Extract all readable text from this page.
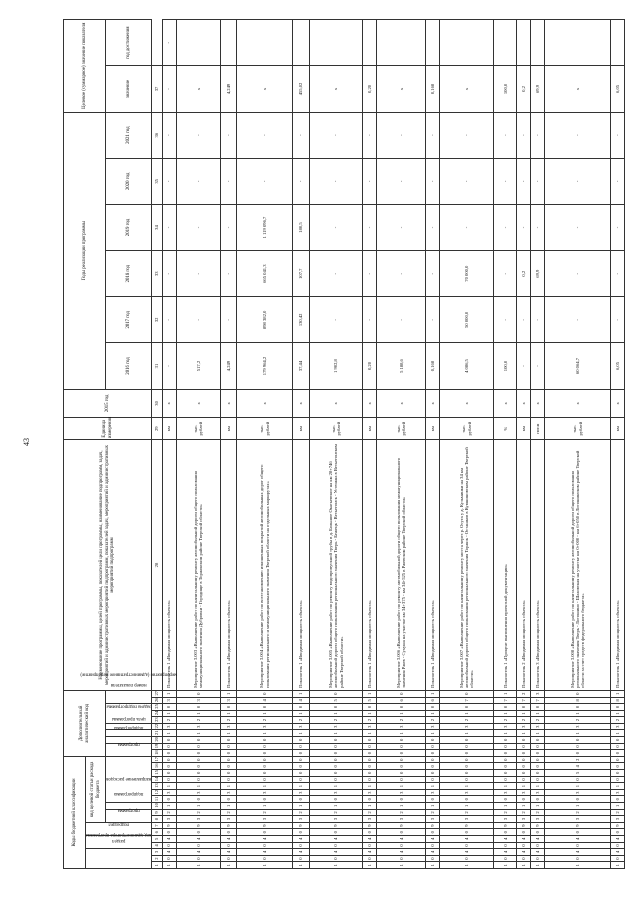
43
Коды бюджетной классификации																	Дополнительный аналитический код										Наименование программы, целей программы, показателей цели программы, наименование подпрограмм, задач, мероприятий и административных мероприятий подпрограмм, показателей задач, мероприятий и административных мероприятий подпрограмм	Единица измерения	2015 год	Годы реализации программы						Целевое (суммарное) значение показателя	
код администратора программы			раздел		подраздел		код целевой статьи расхода бюджета																														
							программа		подпрограмма	направление расходов							программа		подпрограмма	цель программы	задача подпрограммы	мероприятие (административное мероприятие)			номер показателя					2016 год	2017 год	2018 год	2019 год	2020 год	2021 год	значение	год достижения
1	2	3	4	5	6	7	8	9	10	11	12	13	14	15	16	17	18	19	20	21	22	23	24	25	26	27	28	29	30	31	32	33	34	35	36	37	
1	0	4	0	4	0	9	3	2	1	0	3	1	0	0	0	0	0	0	0	1	3	2	1	0	3	1	Показатель 1 «Вводимая мощность объекта»	км	х	-	-	-	-	-	-	-	-
1	0	4	0	4	0	9	3	2	1	0	3	1	0	0	0	0	0	0	0	1	3	2	1	0	3	0	Мероприятие 3.003 «Выполнение работ по капитальному ремонту автомобильной дороги общего пользования межмуниципального значения Дубровки - Городище в Торжокском районе Тверской области»	тыс. рублей	х	517,2	-	-	-	-	-	х	
1	0	4	0	4	0	9	3	2	1	0	3	1	0	0	0	0	0	0	0	1	3	2	1	0	3	1	Показатель 1 «Вводимая мощность объекта»	км	х	4,249	-	-	-	-	-	4,249	
1	0	4	0	4	0	9	3	2	1	0	3	1	0	0	0	0	0	0	0	1	3	2	1	0	4	0	Мероприятие 3.004 «Выполнение работ по восстановлению изношенных покрытий автомобильных дорог общего пользования регионального и межмуниципального значения Тверской области на отдельных маршрутах»	тыс. рублей	х	179 964,2	898 382,0	665 041,3	1 119 096,7	-	-	х	
1	0	4	0	4	0	9	3	2	1	0	3	1	0	0	0	0	0	0	0	1	3	2	1	0	4	1	Показатель 1 «Вводимая мощность объекта»	км	х	37,44	130,42	107,7	180,5	-	-	455,02	
1	0	4	0	4	0	9	3	2	1	0	3	1	0	0	0	0	0	0	0	1	3	2	1	0	5	0	Мероприятие 3.005 «Выполнение работ по ремонту водопропускной трубы в д. Большое Окатьевское на км 28+746 автомобильной дороги общего пользования регионального значения Тверь - Бежецк - Весьегонск - Устюжна в Весьегонском районе Тверской области»	тыс. рублей	х	1 902,8	-	-	-	-	-	х	
1	0	4	0	4	0	9	3	2	1	0	3	1	0	0	0	0	0	0	0	1	3	2	1	0	5	1	Показатель 1 «Вводимая мощность объекта»	км	х	0,20	-	-	-	-	-	0,20	
1	0	4	0	4	0	9	3	2	1	0	3	1	0	0	0	0	0	0	0	1	3	2	1	0	6	0	Мероприятие 3.006 «Выполнение работ по ремонту автомобильной дороги общего пользования межмуниципального значения Ржев - Сухуша на участке км 34+375 - км 34+525 в Ржевском районе Тверской области»	тыс. рублей	х	5 188,6	-	-	-	-	-	х	
1	0	4	0	4	0	9	3	2	1	0	3	1	0	0	0	0	0	0	0	1	3	2	1	0	6	1	Показатель 1 «Вводимая мощность объекта»	км	х	0,168	-	-	-	-	-	0,168	
1	0	4	0	4	0	9	3	2	1	0	3	1	0	0	0	0	0	0	0	1	3	2	1	0	7	0	Мероприятие 3.007 «Выполнение работ по капитальному ремонту моста через р. Осуга у д. Кузьминки на 34 км автомобильной дороги общего пользования регионального значения Торжок - Осташков в Кувшиновском районе Тверской области»	тыс. рублей	х	4 086,5	50 000,0	70 000,0	-	-	-	х	
1	0	4	0	4	0	9	3	2	1	0	3	1	0	0	0	0	0	0	0	1	3	2	1	0	7	1	Показатель 1 «Процент выполнения проектной документации»	%	х	100,0	-	-	-	-	-	100,0	
1	0	4	0	4	0	9	3	2	1	0	3	1	0	0	0	0	0	0	0	1	3	2	1	0	7	2	Показатель 2 «Вводимая мощность объекта»	км	х	-	-	0,2	-	-	-	0,2	
1	0	4	0	4	0	9	3	2	1	0	3	1	0	0	0	0	0	0	0	1	3	2	1	0	7	3	Показатель 3 «Вводимая мощность объекта»	пог.м	х	-	-	69,9	-	-	-	69,9	
1	0	4	0	4	0	9	3	2	1	0	3	1	0	5	4	2	0	0	0	1	3	2	1	0	8	0	Мероприятие 3.008 «Выполнение работ по капитальному ремонту автомобильной дороги общего пользования регионального значения Тверь - Лотошино - Шаховская на участке км 0+000 - км 6+050 в Лотошинском районе Тверской области за счет средств федерального бюджета»	тыс. рублей	х	60 064,7	-	-	-	-	-	х	
1	0	4	0	4	0	9	3	2	1	0	3	1	0	0	0	0	0	0	0	1	3	2	1	0	8	1	Показатель 1 «Вводимая мощность объекта»	км	х	6,05	-	-	-	-	-	6,05	
